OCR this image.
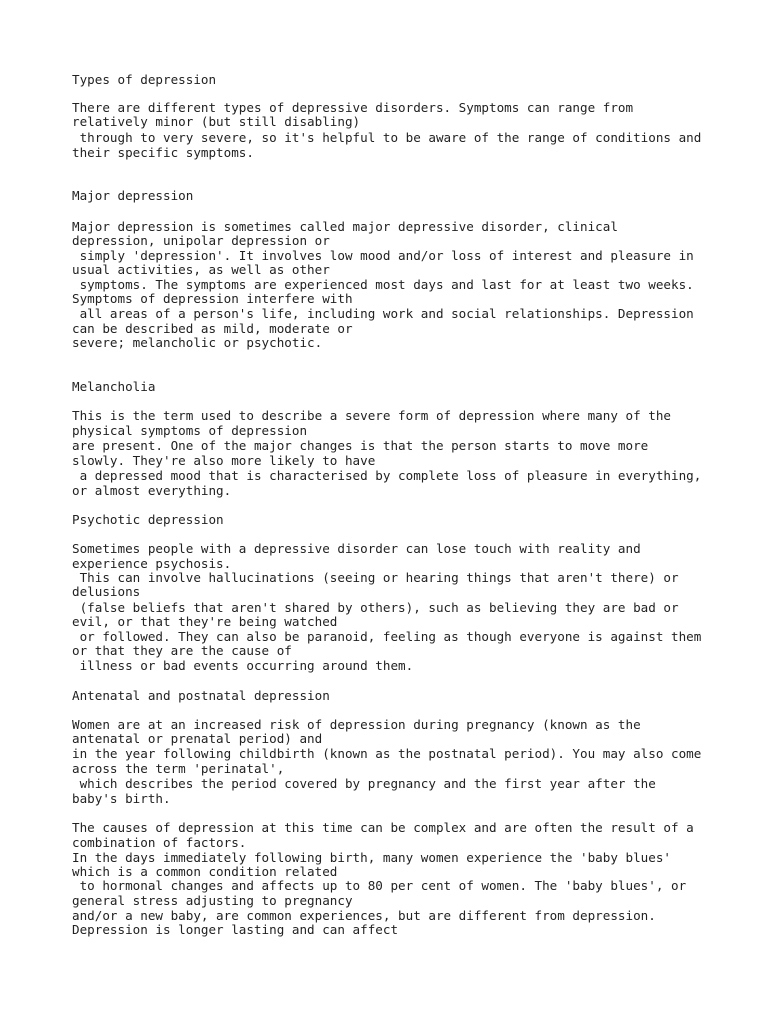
Types of depression
There are different types of depressive disorders. Symptoms can range from
relatively minor (but still disabling)
through to very severe, so it's helpful to be aware of the range of conditions and
their specific symptoms.
Major depression
Major depression is sometimes called major depressive disorder, clinical
depression, unipolar depression or
simply 'depression'. It involves low mood and/or loss of interest and pleasure in
usual activities, as well as other
symptoms. The symptoms are experienced most days and last for at least two weeks.
Symptoms of depression interfere with
all areas of a person's life, including work and social relationships. Depression
can be described as mild, moderate or
severe; melancholic or psychotic.
Melancholia
This is the term used to describe a severe form of depression where many of the
physical symptoms of depression
are present. One of the major changes is that the person starts to move more
slowly. They're also more likely to have
a depressed mood that is characterised by complete loss of pleasure in everything,
or almost everything.
Psychotic depression
Sometimes people with a depressive disorder can lose touch with reality and
experience psychosis.
This can involve hallucinations (seeing or hearing things that aren't there) or
delusions
(false beliefs that aren't shared by others), such as believing they are bad or
evil, or that they're being watched
or followed. They can also be paranoid, feeling as though everyone is against them
or that they are the cause of
illness or bad events occurring around them.
Antenatal and postnatal depression
Women are at an increased risk of depression during pregnancy (known as the
antenatal or prenatal period) and
in the year following childbirth (known as the postnatal period). You may also come
across the term 'perinatal',
which describes the period covered by pregnancy and the first year after the
baby's birth.
The causes of depression at this time can be complex and are often the result of a
combination of factors.
In the days immediately following birth, many women experience the 'baby blues'
which is a common condition related
to hormonal changes and affects up to 80 per cent of women. The 'baby blues', or
general stress adjusting to pregnancy
and/or a new baby, are common experiences, but are different from depression.
Depression is longer lasting and can affect
